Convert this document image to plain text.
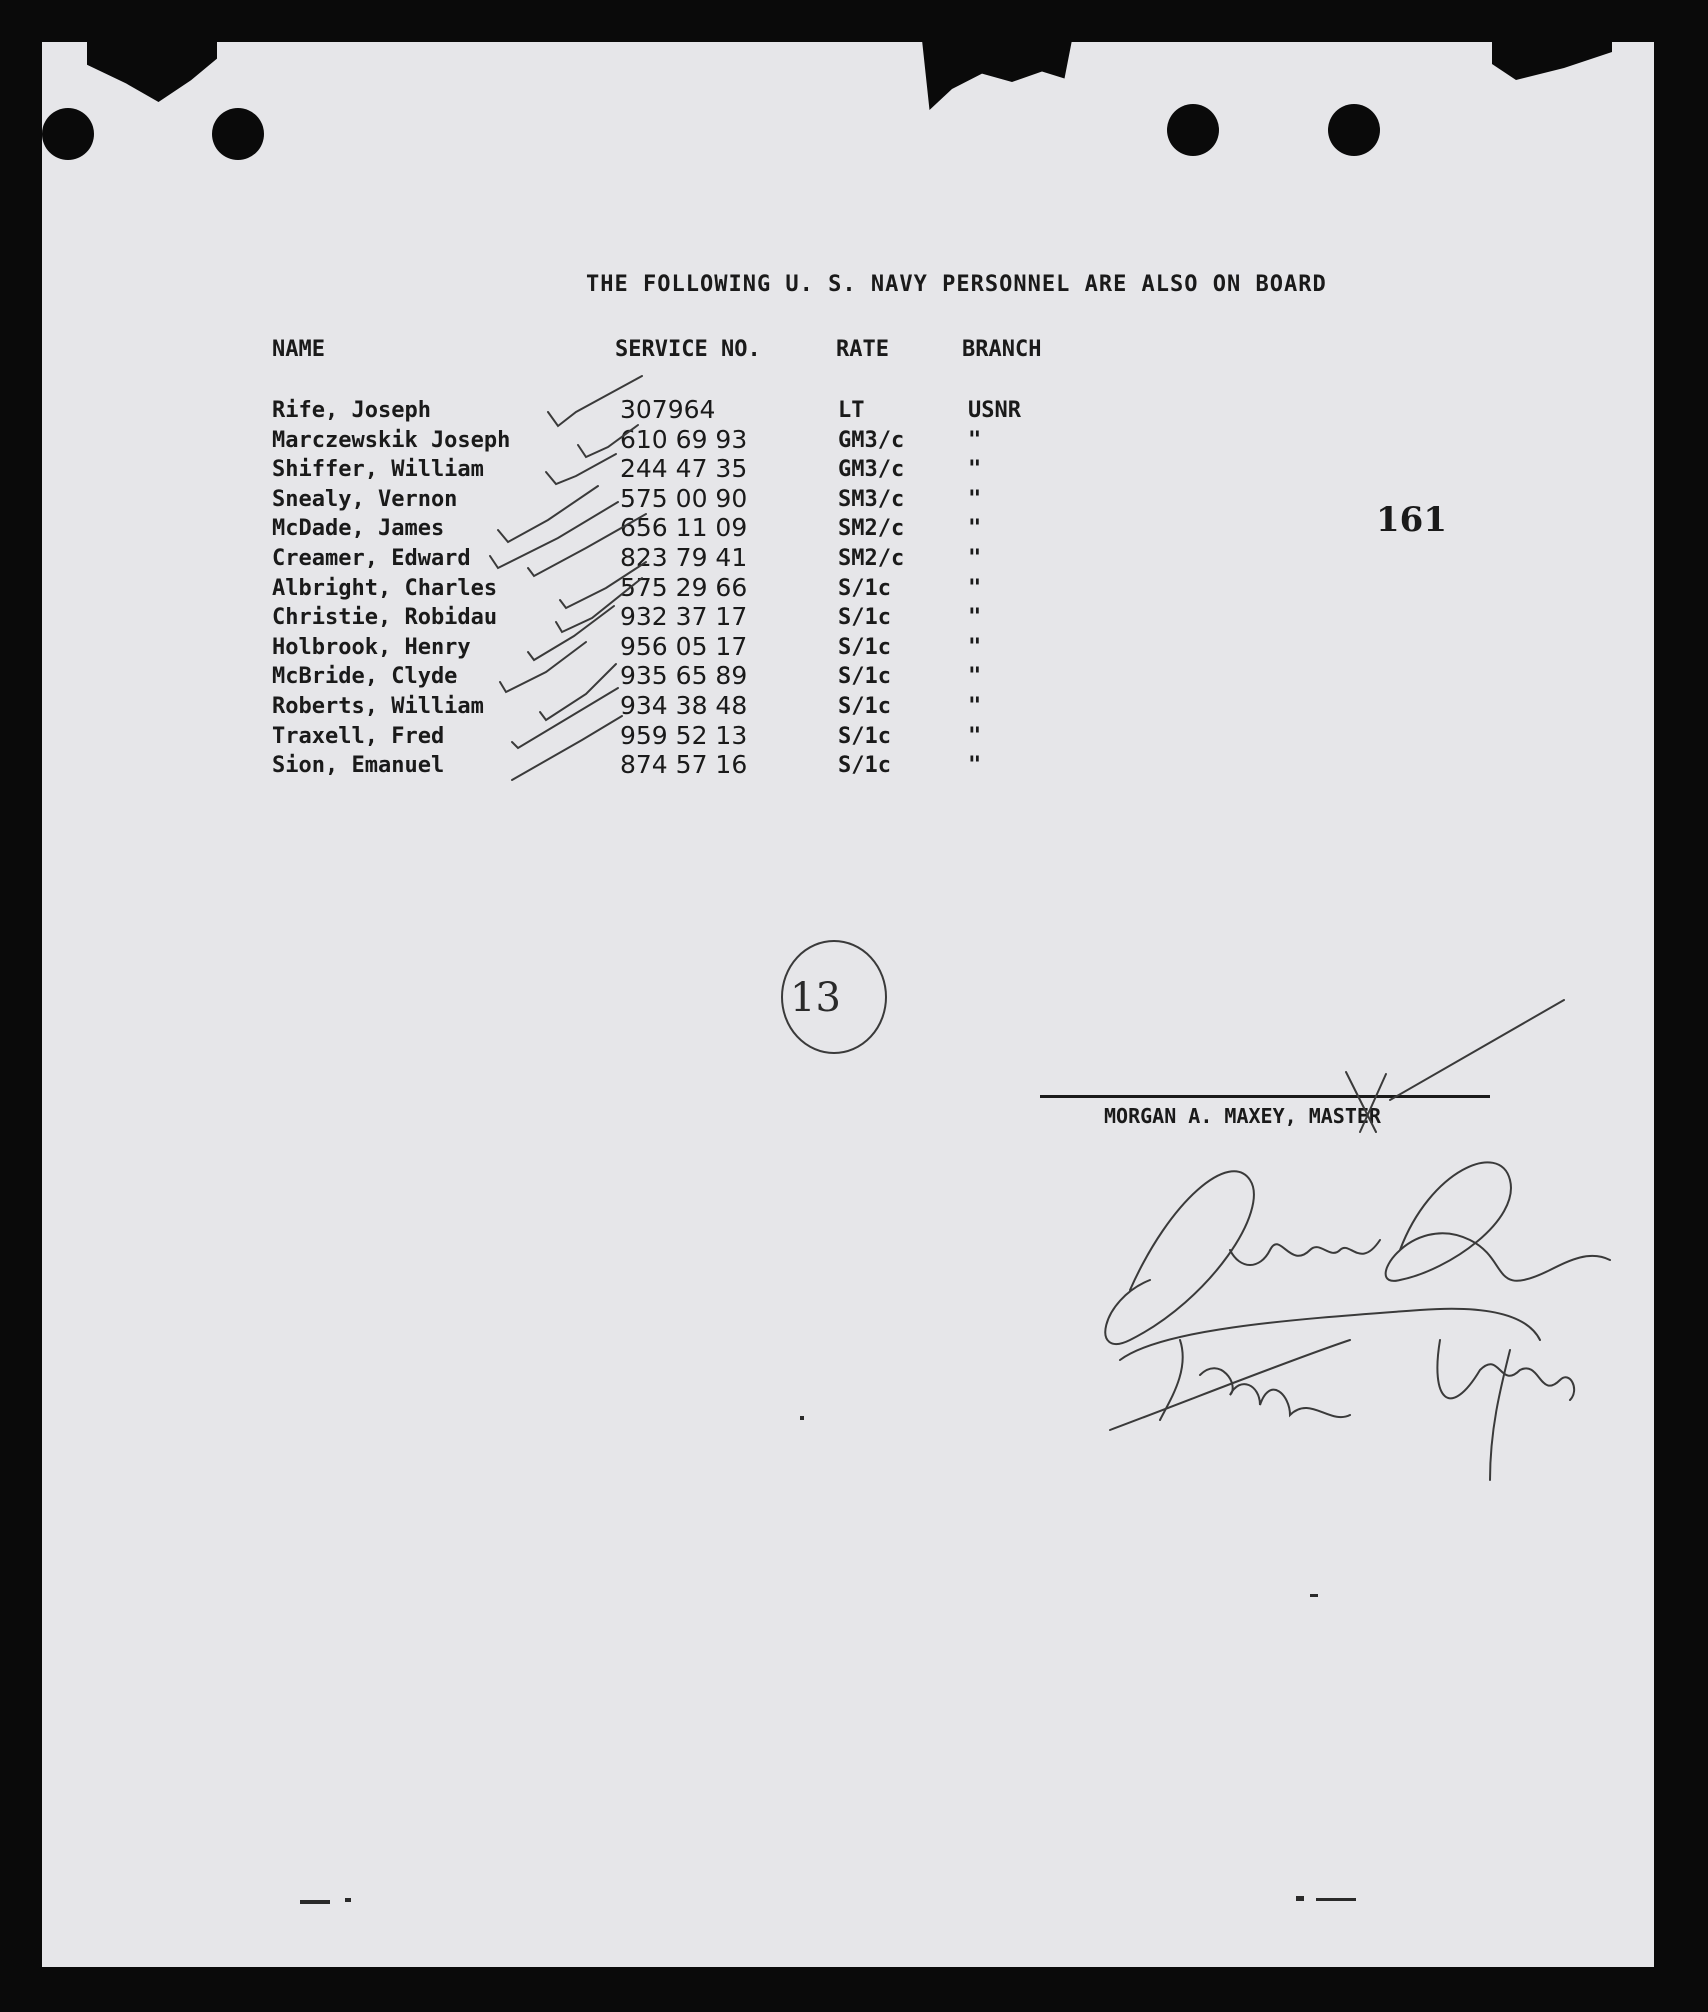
THE FOLLOWING U. S. NAVY PERSONNEL ARE ALSO ON BOARD
NAME	SERVICE NO.	RATE	BRANCH
Rife, Joseph	307964	LT	USNR
Marczewskik Joseph	610 69 93	GM3/c	"
Shiffer, William	244 47 35	GM3/c	"
Snealy, Vernon	575 00 90	SM3/c	"
McDade, James	656 11 09	SM2/c	"
Creamer, Edward	823 79 41	SM2/c	"
Albright, Charles	575 29 66	S/1c	"
Christie, Robidau	932 37 17	S/1c	"
Holbrook, Henry	956 05 17	S/1c	"
McBride, Clyde	935 65 89	S/1c	"
Roberts, William	934 38 48	S/1c	"
Traxell, Fred	959 52 13	S/1c	"
Sion, Emanuel	874 57 16	S/1c	"
161
13
MORGAN A. MAXEY, MASTER
